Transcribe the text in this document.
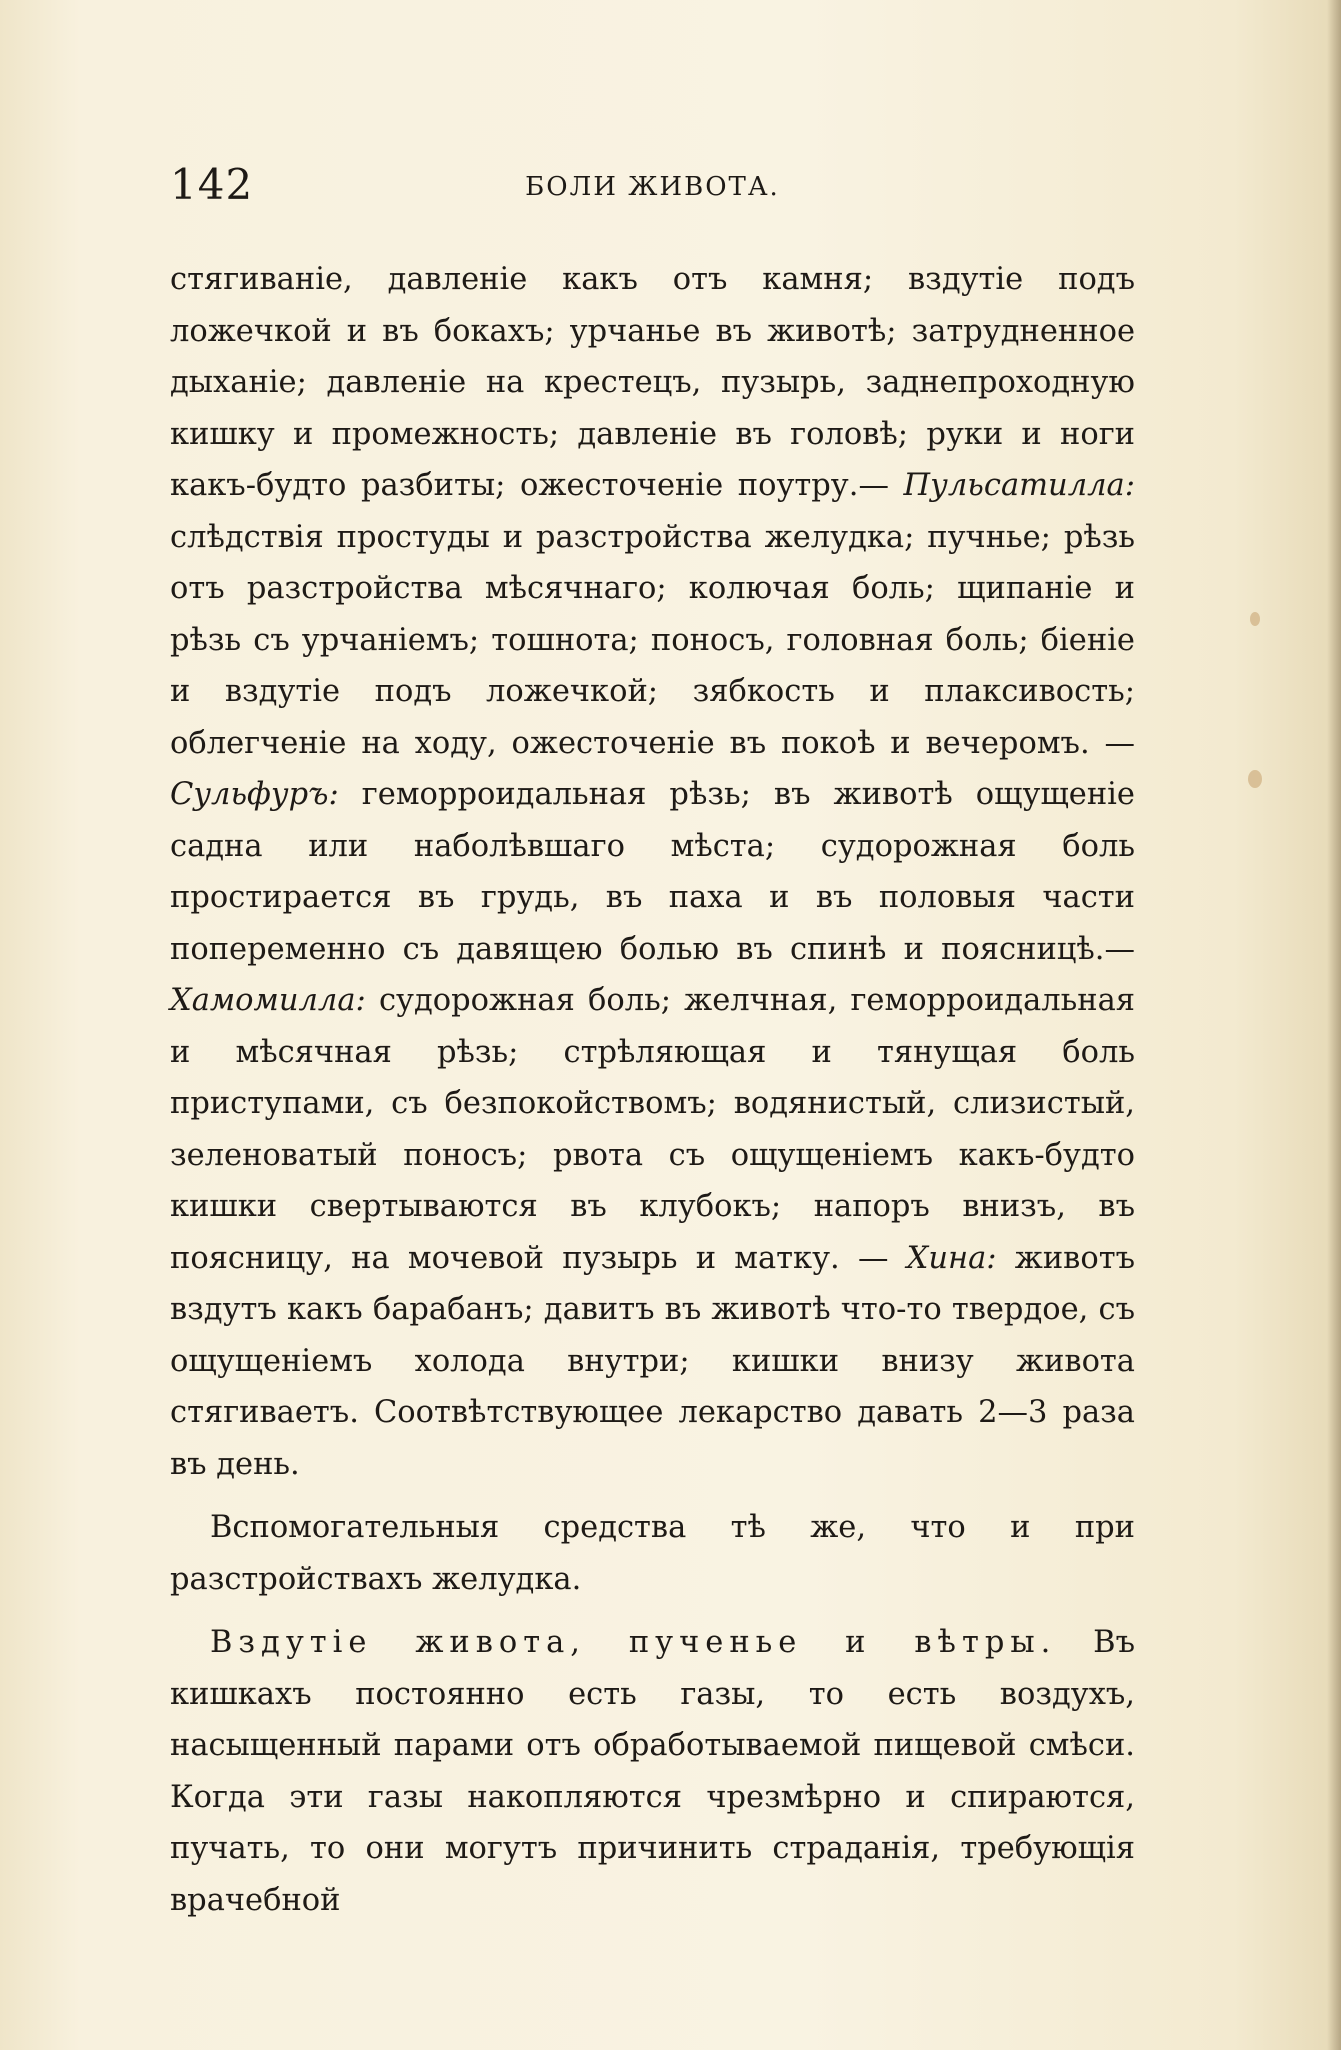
142	БОЛИ ЖИВОТА.

стягиваніе, давленіе какъ отъ камня; вздутіе подъ ложечкой и въ бокахъ; урчанье въ животѣ; затрудненное дыханіе; давленіе на крестецъ, пузырь, заднепроходную кишку и промежность; давленіе въ головѣ; руки и ноги какъ-будто разбиты; ожесточеніе поутру.— Пульсатилла: слѣдствія простуды и разстройства желудка; пучнье; рѣзь отъ разстройства мѣсячнаго; колючая боль; щипаніе и рѣзь съ урчаніемъ; тошнота; поносъ, головная боль; біеніе и вздутіе подъ ложечкой; зябкость и плаксивость; облегченіе на ходу, ожесточеніе въ покоѣ и вечеромъ. — Сульфуръ: геморроидальная рѣзь; въ животѣ ощущеніе садна или наболѣвшаго мѣста; судорожная боль простирается въ грудь, въ паха и въ половыя части попеременно съ давящею болью въ спинѣ и поясницѣ.—Хамомилла: судорожная боль; желчная, геморроидальная и мѣсячная рѣзь; стрѣляющая и тянущая боль приступами, съ безпокойствомъ; водянистый, слизистый, зеленоватый поносъ; рвота съ ощущеніемъ какъ-будто кишки свертываются въ клубокъ; напоръ внизъ, въ поясницу, на мочевой пузырь и матку. — Хина: животъ вздутъ какъ барабанъ; давитъ въ животѣ что-то твердое, съ ощущеніемъ холода внутри; кишки внизу живота стягиваетъ. Соотвѣтствующее лекарство давать 2—3 раза въ день.

Вспомогательныя средства тѣ же, что и при разстройствахъ желудка.

Вздутіе живота, пученье и вѣтры. Въ кишкахъ постоянно есть газы, то есть воздухъ, насыщенный парами отъ обработываемой пищевой смѣси. Когда эти газы накопляются чрезмѣрно и спираются, пучать, то они могутъ причинить страданія, требующія врачебной
